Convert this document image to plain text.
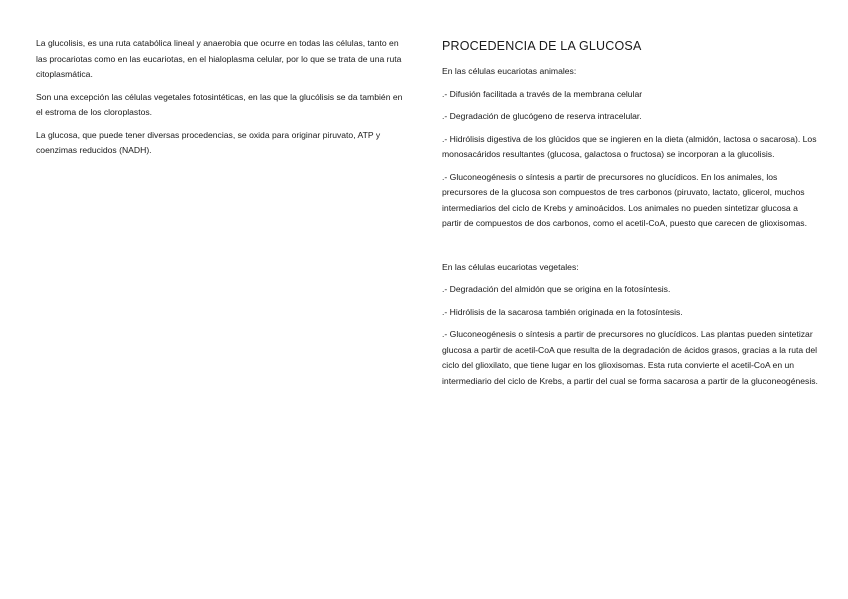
La glucolisis, es una ruta catabólica lineal y anaerobia que ocurre en todas las células, tanto en las procariotas como en las eucariotas, en el hialoplasma celular, por lo que se trata de una ruta citoplasmática.

Son una excepción las células vegetales fotosintéticas, en las que la glucólisis se da también en el estroma de los cloroplastos.

La glucosa, que puede tener diversas procedencias, se oxida para originar piruvato, ATP y coenzimas reducidos (NADH).

PROCEDENCIA DE LA GLUCOSA

En las células eucariotas animales:

.- Difusión facilitada a través de la membrana celular

.- Degradación de glucógeno de reserva intracelular.

.- Hidrólisis digestiva de los glúcidos que se ingieren en la dieta (almidón, lactosa o sacarosa). Los monosacáridos resultantes (glucosa, galactosa o fructosa) se incorporan a la glucolisis.

.- Gluconeogénesis o síntesis a partir de precursores no glucídicos. En los animales, los precursores de la glucosa son compuestos de tres carbonos (piruvato, lactato, glicerol, muchos intermediarios del ciclo de Krebs y aminoácidos. Los animales no pueden sintetizar glucosa a partir de compuestos de dos carbonos, como el acetil-CoA, puesto que carecen de glioxisomas.

En las células eucariotas vegetales:

.- Degradación del almidón que se origina en la fotosíntesis.

.- Hidrólisis de la sacarosa también originada en la fotosíntesis.

.- Gluconeogénesis o síntesis a partir de precursores no glucídicos. Las plantas pueden sintetizar glucosa a partir de acetil-CoA que resulta de la degradación de ácidos grasos, gracias a la ruta del ciclo del glioxilato, que tiene lugar en los glioxisomas. Esta ruta convierte el acetil-CoA en un intermediario del ciclo de Krebs, a partir del cual se forma sacarosa a partir de la gluconeogénesis.
